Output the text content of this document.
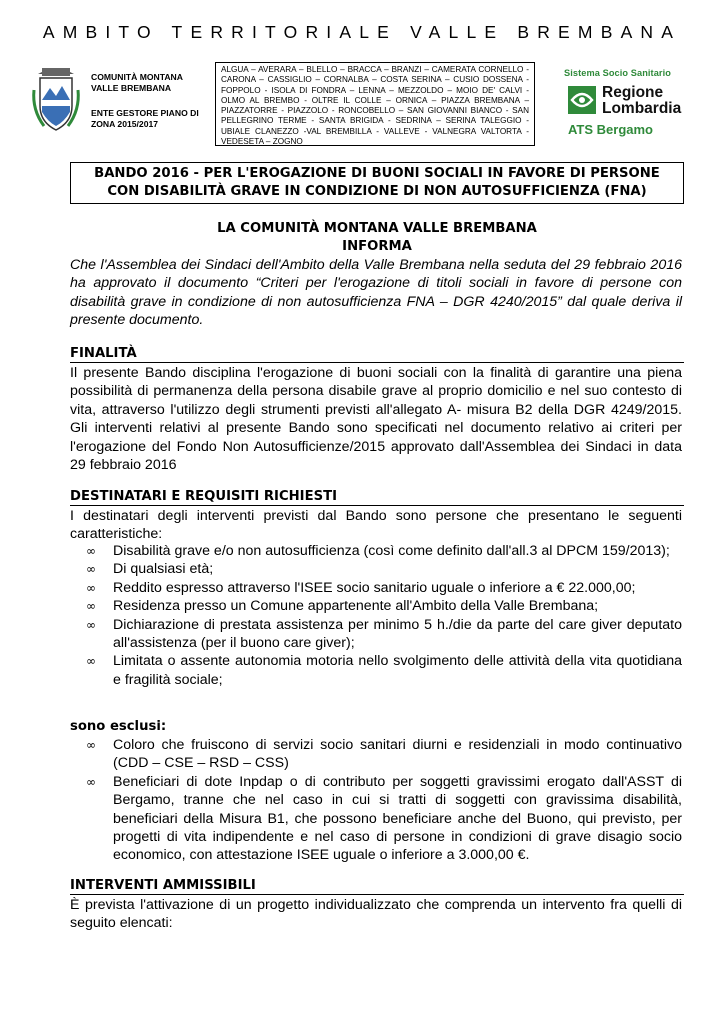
AMBITO TERRITORIALE VALLE BREMBANA
COMUNITÀ MONTANA
VALLE BREMBANA
ENTE GESTORE PIANO DI
ZONA 2015/2017
ALGUA – AVERARA – BLELLO – BRACCA – BRANZI – CAMERATA CORNELLO - CARONA – CASSIGLIO – CORNALBA – COSTA SERINA – CUSIO DOSSENA - FOPPOLO - ISOLA DI FONDRA – LENNA – MEZZOLDO – MOIO DE' CALVI - OLMO AL BREMBO - OLTRE IL COLLE – ORNICA – PIAZZA BREMBANA – PIAZZATORRE - PIAZZOLO - RONCOBELLO – SAN GIOVANNI BIANCO - SAN PELLEGRINO TERME - SANTA BRIGIDA - SEDRINA – SERINA TALEGGIO - UBIALE CLANEZZO -VAL BREMBILLA - VALLEVE - VALNEGRA VALTORTA - VEDESETA – ZOGNO
Sistema Socio Sanitario
Regione
Lombardia
ATS Bergamo
BANDO 2016 - PER L'EROGAZIONE DI BUONI SOCIALI IN FAVORE DI PERSONE
CON DISABILITÀ GRAVE IN CONDIZIONE DI NON AUTOSUFFICIENZA (FNA)
LA COMUNITÀ MONTANA VALLE BREMBANA
INFORMA
Che l'Assemblea dei Sindaci dell'Ambito della Valle Brembana nella seduta del 29 febbraio 2016 ha approvato il documento “Criteri per l'erogazione di titoli sociali in favore di persone con disabilità grave in condizione di non autosufficienza FNA – DGR 4240/2015” dal quale deriva il presente documento.
FINALITÀ
Il presente Bando disciplina l'erogazione di buoni sociali con la finalità di garantire una piena possibilità di permanenza della persona disabile grave al proprio domicilio e nel suo contesto di vita, attraverso l'utilizzo degli strumenti previsti all'allegato A- misura B2 della DGR 4249/2015. Gli interventi relativi al presente Bando sono specificati nel documento relativo ai criteri per l'erogazione del Fondo Non Autosufficienze/2015 approvato dall'Assemblea dei Sindaci in data 29 febbraio 2016
DESTINATARI E REQUISITI RICHIESTI
I destinatari degli interventi previsti dal Bando sono persone che presentano le seguenti caratteristiche:
∞ Disabilità grave e/o non autosufficienza (così come definito dall'all.3 al DPCM 159/2013);
∞ Di qualsiasi età;
∞ Reddito espresso attraverso l'ISEE socio sanitario uguale o inferiore a € 22.000,00;
∞ Residenza presso un Comune appartenente all'Ambito della Valle Brembana;
∞ Dichiarazione di prestata assistenza per minimo 5 h./die da parte del care giver deputato all'assistenza (per il buono care giver);
∞ Limitata o assente autonomia motoria nello svolgimento delle attività della vita quotidiana e fragilità sociale;
sono esclusi:
∞ Coloro che fruiscono di servizi socio sanitari diurni e residenziali in modo continuativo (CDD – CSE – RSD – CSS)
∞ Beneficiari di dote Inpdap o di contributo per soggetti gravissimi erogato dall'ASST di Bergamo, tranne che nel caso in cui si tratti di soggetti con gravissima disabilità, beneficiari della Misura B1, che possono beneficiare anche del Buono, qui previsto, per progetti di vita indipendente e nel caso di persone in condizioni di grave disagio socio economico, con attestazione ISEE uguale o inferiore a 3.000,00 €.
INTERVENTI AMMISSIBILI
È prevista l'attivazione di un progetto individualizzato che comprenda un intervento fra quelli di seguito elencati:
